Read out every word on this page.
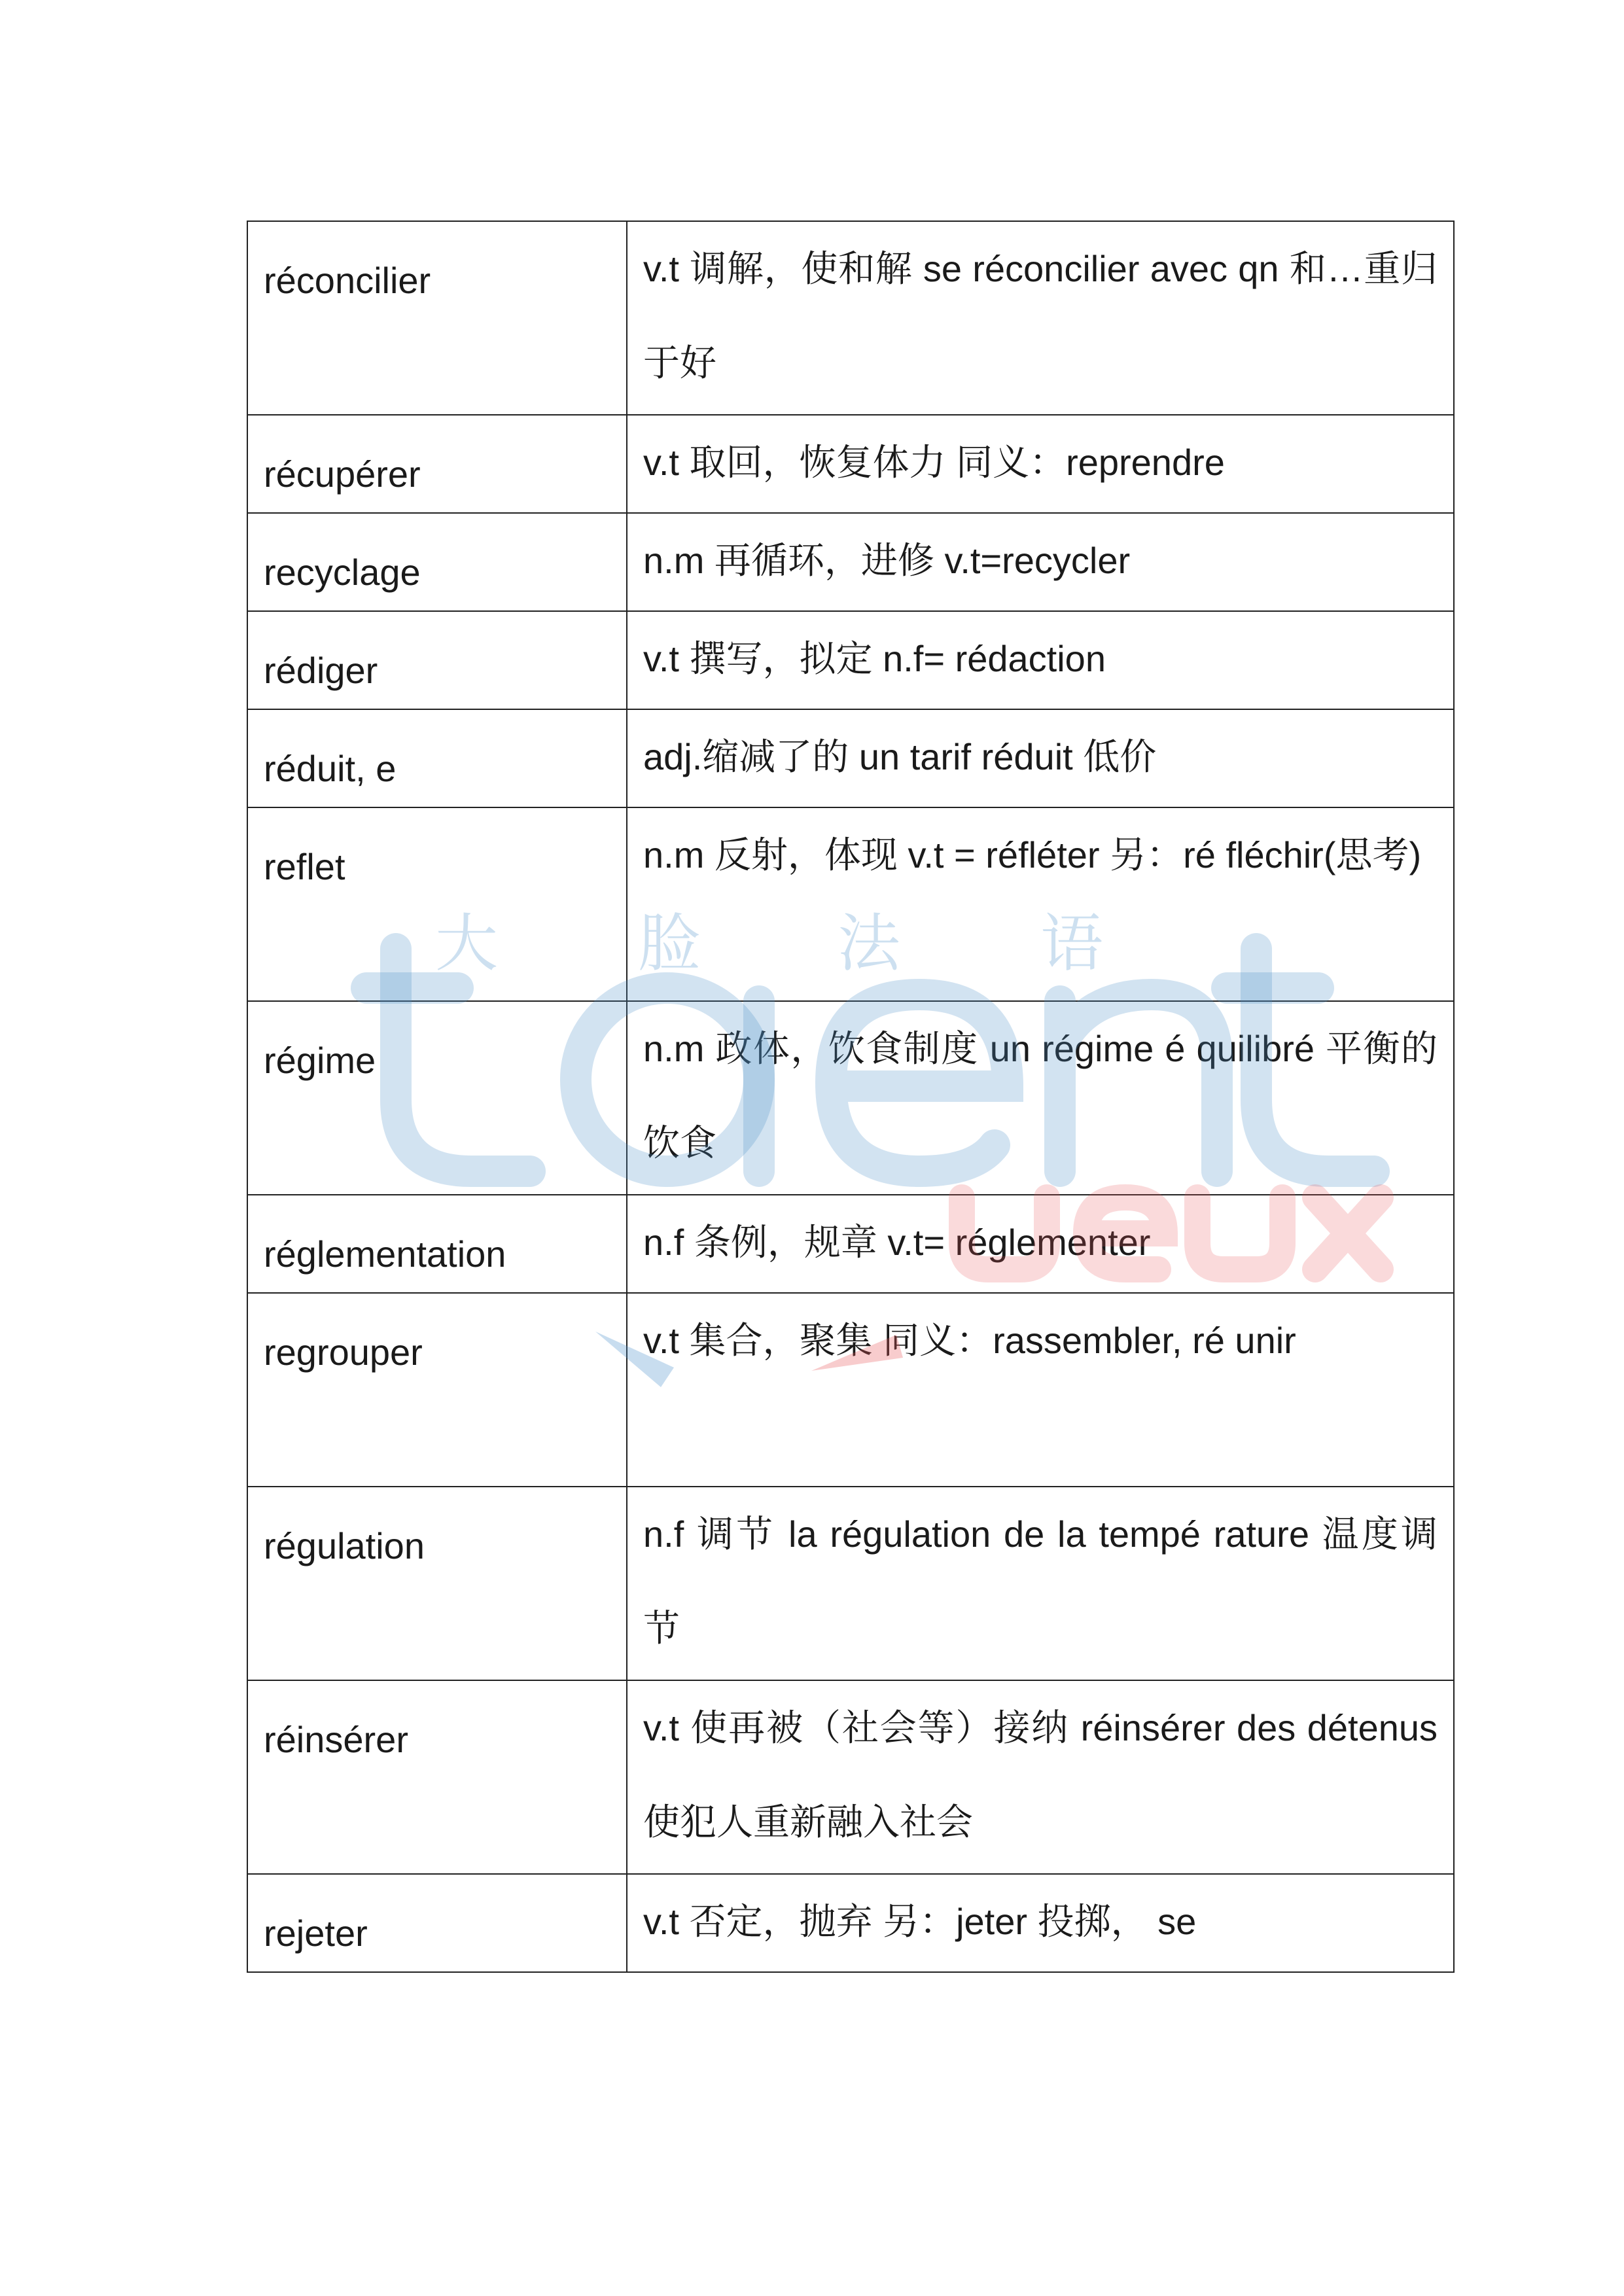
réconcilier	v.t 调解，使和解 se réconcilier avec qn 和…重归于好
récupérer	v.t 取回，恢复体力 同义：reprendre
recyclage	n.m 再循环，进修 v.t=recycler
rédiger	v.t 撰写，拟定 n.f= rédaction
réduit, e	adj.缩减了的 un tarif réduit 低价
reflet	n.m 反射，体现 v.t = réfléter 另：ré fléchir(思考)
régime	n.m 政体，饮食制度 un régime é quilibré 平衡的饮食
réglementation	n.f 条例，规章 v.t= réglementer
regrouper	v.t 集合，聚集 同义：rassembler, ré unir
régulation	n.f 调节 la régulation de la tempé rature 温度调节
réinsérer	v.t 使再被（社会等）接纳 réinsérer des détenus 使犯人重新融入社会
rejeter	v.t 否定，抛弃 另：jeter 投掷， se
大 脸 法 语
